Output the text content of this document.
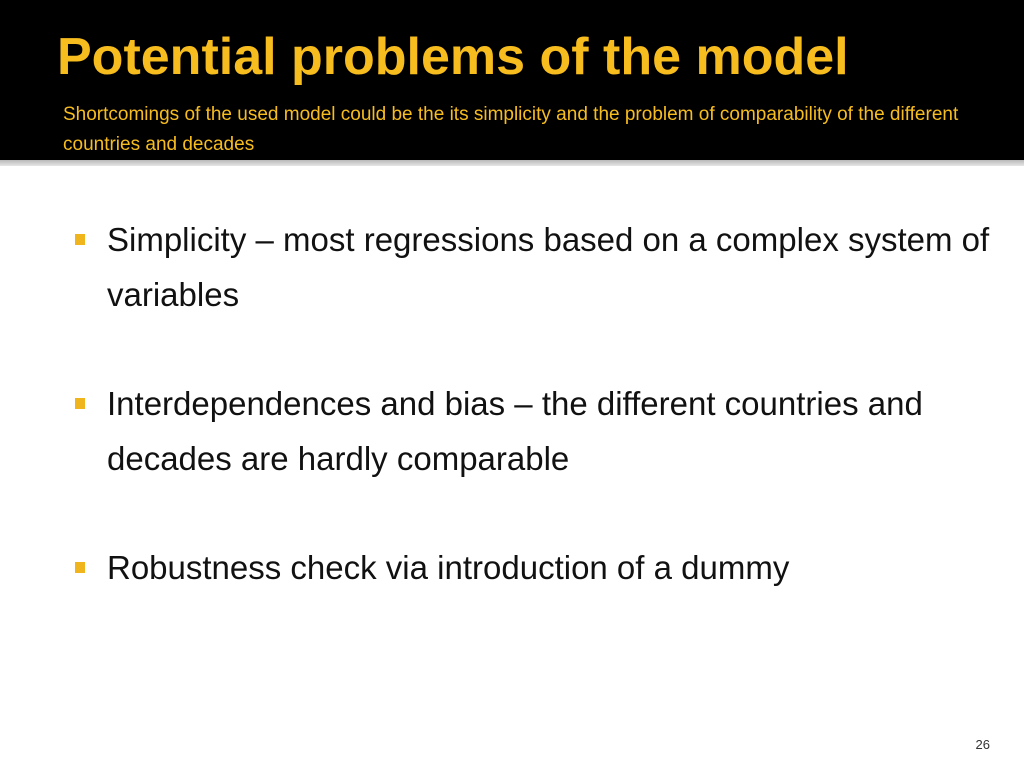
Potential problems of the model

Shortcomings of the used model could be the its simplicity and the problem of comparability of the different countries and decades

Simplicity – most regressions based on a complex system of variables
Interdependences and bias – the different countries and decades are hardly comparable
Robustness check via introduction of a dummy
26
